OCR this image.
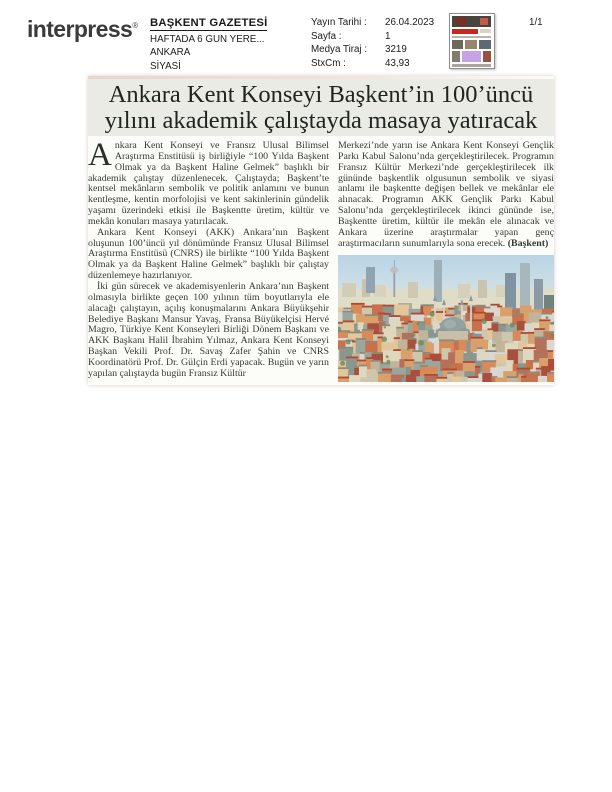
interpress® BAŞKENT GAZETESİ
HAFTADA 6 GUN YERE...
ANKARA
SİYASİ
Yayın Tarihi :	26.04.2023
Sayfa :	1
Medya Tiraj :	3219
StxCm :	43,93
1/1
Ankara Kent Konseyi Başkent’in 100’üncü
yılını akademik çalıştayda masaya yatıracak

Ankara Kent Konseyi ve Fransız Ulusal Bilimsel Araştırma Enstitüsü iş birliğiyle “100 Yılda Başkent Olmak ya da Başkent Haline Gelmek” başlıklı bir akademik çalıştay düzenlenecek. Çalıştayda; Başkent’te kentsel mekânların sembolik ve politik anlamını ve bunun kentleşme, kentin morfolojisi ve kent sakinlerinin gündelik yaşamı üzerindeki etkisi ile Başkentte üretim, kültür ve mekân konuları masaya yatırılacak.

Ankara Kent Konseyi (AKK) Ankara’nın Başkent oluşunun 100’üncü yıl dönümünde Fransız Ulusal Bilimsel Araştırma Enstitüsü (CNRS) ile birlikte “100 Yılda Başkent Olmak ya da Başkent Haline Gelmek” başlıklı bir çalıştay düzenlemeye hazırlanıyor.

İki gün sürecek ve akademisyenlerin Ankara’nın Başkent olmasıyla birlikte geçen 100 yılının tüm boyutlarıyla ele alacağı çalıştayın, açılış konuşmalarını Ankara Büyükşehir Belediye Başkanı Mansur Yavaş, Fransa Büyükelçisi Hervé Magro, Türkiye Kent Konseyleri Birliği Dönem Başkanı ve AKK Başkanı Halil İbrahim Yılmaz, Ankara Kent Konseyi Başkan Vekili Prof. Dr. Savaş Zafer Şahin ve CNRS Koordinatörü Prof. Dr. Gülçin Erdi yapacak. Bugün ve yarın yapılan çalıştayda bugün Fransız Kültür

Merkezi’nde yarın ise Ankara Kent Konseyi Gençlik Parkı Kabul Salonu’nda gerçekleştirilecek. Programın Fransız Kültür Merkezi’nde gerçekleştirilecek ilk gününde başkentlik olgusunun sembolik ve siyasi anlamı ile başkentte değişen bellek ve mekânlar ele alınacak. Programın AKK Gençlik Parkı Kabul Salonu’nda gerçekleştirilecek ikinci gününde ise, Başkentte üretim, kültür ile mekân ele alınacak ve Ankara üzerine araştırmalar yapan genç araştırmacıların sunumlarıyla sona erecek. (Başkent)
